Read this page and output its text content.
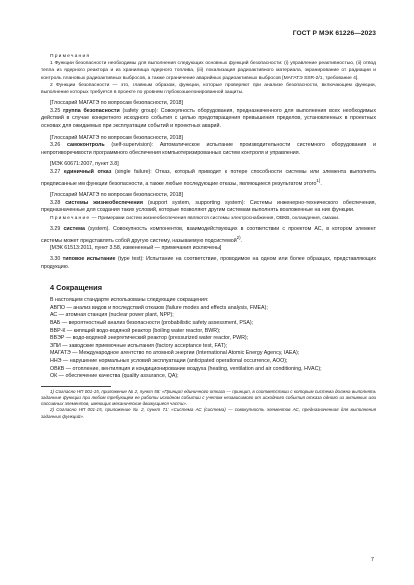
ГОСТ Р МЭК 61226—2023

Примечания

1 Функции безопасности необходимы для выполнения следующих основных функций безопасности: (i) управление реактивностью, (ii) отвод тепла из ядерного реактора и из хранилища ядерного топлива, (iii) локализация радиоактивного материала, экранирование от радиации и контроль плановых радиоактивных выбросов, а также ограничение аварийных радиоактивных выбросов [МАГАТЭ SSR-2/1, требование 4].

2 Функции безопасности — это, главным образом, функции, которые проверяют при анализе безопасности, включающем функции, выполнение которых требуется в проекте по уровням глубокоэшелонированной защиты.

[Глоссарий МАГАТЭ по вопросам безопасности, 2018]

3.25 группа безопасности (safety group): Совокупность оборудования, предназначенного для выполнения всех необходимых действий в случае конкретного исходного события с целью предотвращения превышения пределов, установленных в проектных основах для ожидаемых при эксплуатации событий и проектных аварий.

[Глоссарий МАГАТЭ по вопросам безопасности, 2018]

3.26 самоконтроль (self-supervision): Автоматическое испытание производительности системного оборудования и непротиворечивости программного обеспечения компьютеризированных систем контроля и управления.

[МЭК 60671:2007, пункт 3.8]

3.27 единичный отказ (single failure): Отказ, который приводит к потере способности системы или элемента выполнять предписанные им функции безопасности, а также любые последующие отказы, являющиеся результатом этого$^{1)}$.

[Глоссарий МАГАТЭ по вопросам безопасности, 2018]

3.28 системы жизнеобеспечения (support system, supporting system): Системы инженерно-технического обеспечения, предназначенные для создания таких условий, которые позволяют другим системам выполнять возложенные на них функции.

Примечание — Примерами систем жизнеобеспечения являются системы электроснабжения, ОВКВ, охлаждения, смазки.

3.29 система (system). Совокупность компонентов, взаимодействующих в соответствии с проектом АС, в котором элемент системы может представлять собой другую систему, называемую подсистемой$^{2)}$.

[МЭК 61513:2011, пункт 3.58, измененный — примечания исключены]

3.30 типовое испытание (type test): Испытание на соответствие, проводимое на одном или более образцах, представляющих продукцию.

4 Сокращения

В настоящем стандарте использованы следующие сокращения:

АВПО — анализ видов и последствий отказов (failure modes and effects analysis, FMEA);

АС — атомная станция (nuclear power plant, NPP);

ВАБ — вероятностный анализ безопасности (probabilistic safety assessment, PSA);

ВВР-К — кипящий водо-водяной реактор (boiling water reactor, BWR);

ВВЭР — водо-водяной энергетический реактор (pressurized water reactor, PWR);

ЗПИ — заводские приемочные испытания (factory acceptance test, FAT);

МАГАТЭ — Международное агентство по атомной энергии (International Atomic Energy Agency, IAEA);

ННЭ — нарушение нормальных условий эксплуатации (anticipated operational occurrence, AOO);

ОВКВ — отопление, вентиляция и кондиционирование воздуха (heating, ventilation and air conditioning, HVAC);

ОК — обеспечение качества (quality assurance, QA);

1) Согласно НП 001-15, приложение № 2, пункт 58: «Принцип единичного отказа — принцип, в соответствии с которым система должна выполнять заданные функции при любом требующем ее работы исходном событии с учетом независимого от исходного события отказа одного из активных или пассивных элементов, имеющих механические движущиеся части».

2) Согласно НП 001-15, приложение № 2, пункт 71: «Система АС (система) — совокупность элементов АС, предназначенная для выполнения заданных функций».

7
